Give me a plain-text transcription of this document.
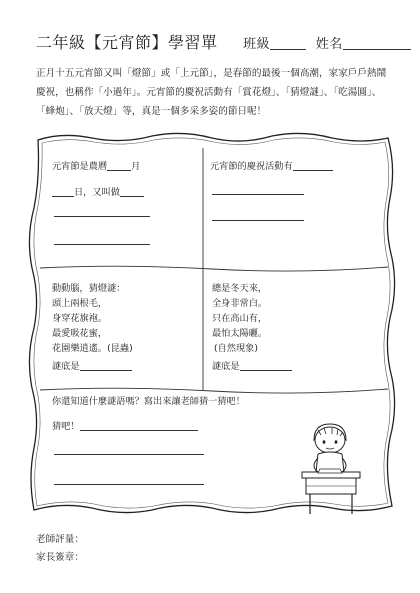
二年級【元宵節】學習單 班級	姓名
正月十五元宵節又叫「燈節」或「上元節」，是春節的最後一個高潮，家家戶戶熱鬧慶祝，也稱作「小過年」。元宵節的慶祝活動有「賞花燈」、「猜燈謎」、「吃湯圓」、「蜂炮」、「放天燈」等，真是一個多采多姿的節日呢！
元宵節是農曆	月
日，又叫做
元宵節的慶祝活動有
動動腦，猜燈謎：
頭上兩根毛，
身穿花旗袍。
最愛吸花蜜，
花園樂逍遙。(昆蟲)
謎底是
總是冬天來，
全身非常白。
只在高山有，
最怕太陽曬。
(自然現象)
謎底是
你還知道什麼謎語嗎？寫出來讓老師猜一猜吧！
猜吧！
老師評量：
家長簽章：
